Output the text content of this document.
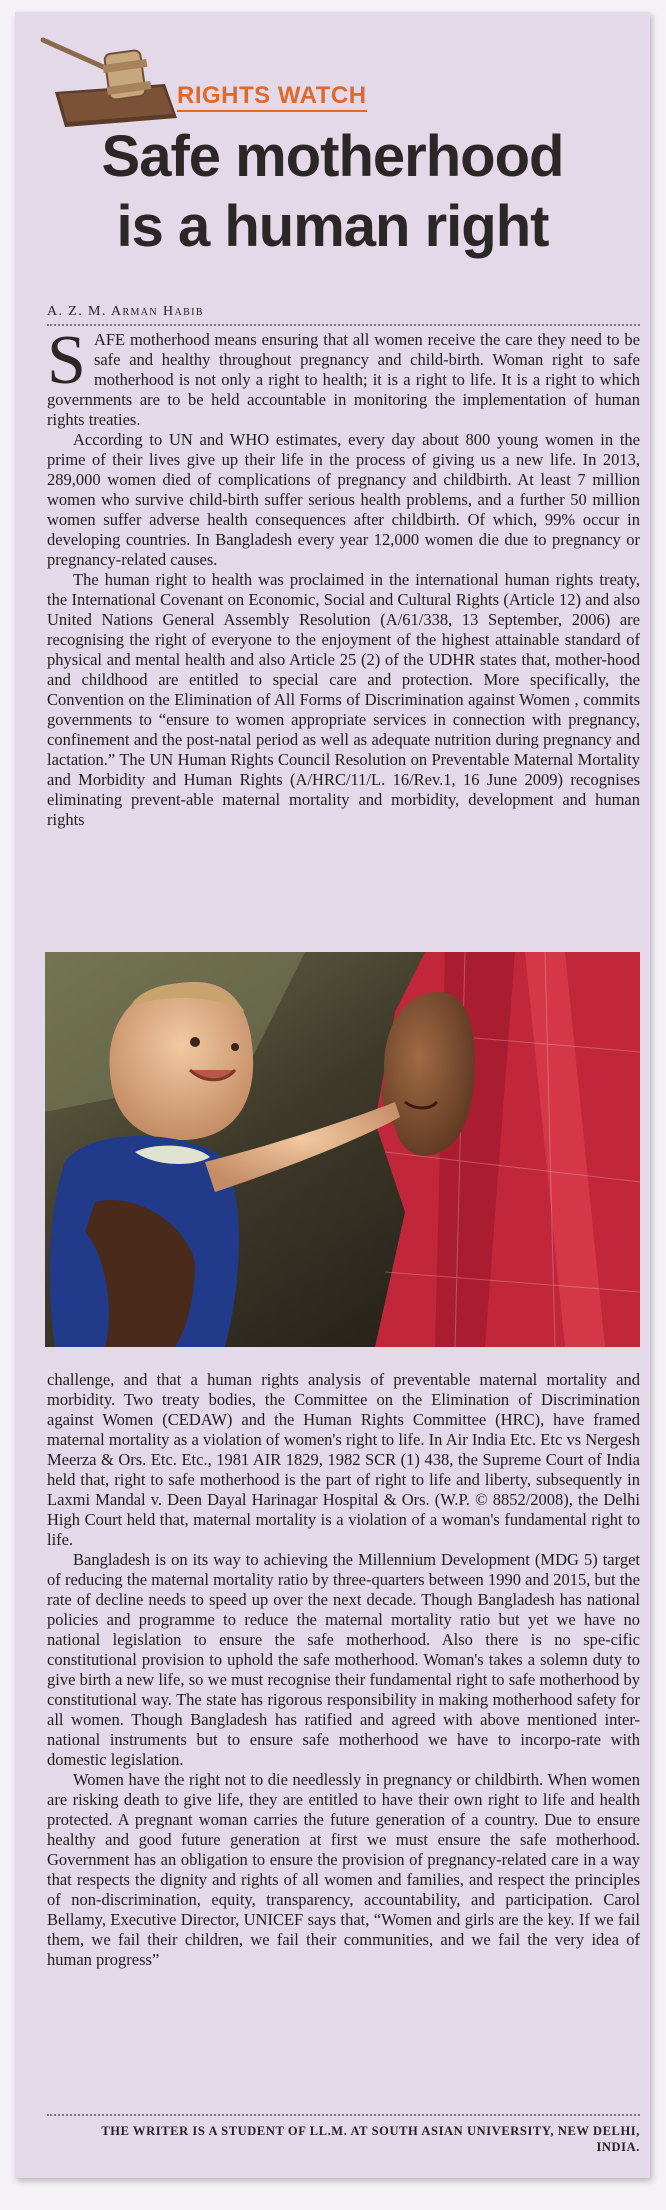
RIGHTS WATCH
Safe motherhood
is a human right
A. Z. M. Arman Habib

SAFE motherhood means ensuring that all women receive the care they need to be safe and healthy throughout pregnancy and child-birth. Woman right to safe motherhood is not only a right to health; it is a right to life. It is a right to which governments are to be held accountable in monitoring the implementation of human rights treaties.

According to UN and WHO estimates, every day about 800 young women in the prime of their lives give up their life in the process of giving us a new life. In 2013, 289,000 women died of complications of pregnancy and childbirth. At least 7 million women who survive child-birth suffer serious health problems, and a further 50 million women suffer adverse health consequences after childbirth. Of which, 99% occur in developing countries. In Bangladesh every year 12,000 women die due to pregnancy or pregnancy-related causes.

The human right to health was proclaimed in the international human rights treaty, the International Covenant on Economic, Social and Cultural Rights (Article 12) and also United Nations General Assembly Resolution (A/61/338, 13 September, 2006) are recognising the right of everyone to the enjoyment of the highest attainable standard of physical and mental health and also Article 25 (2) of the UDHR states that, mother-hood and childhood are entitled to special care and protection. More specifically, the Convention on the Elimination of All Forms of Discrimination against Women , commits governments to “ensure to women appropriate services in connection with pregnancy, confinement and the post-natal period as well as adequate nutrition during pregnancy and lactation.” The UN Human Rights Council Resolution on Preventable Maternal Mortality and Morbidity and Human Rights (A/HRC/11/L. 16/Rev.1, 16 June 2009) recognises eliminating prevent-able maternal mortality and morbidity, development and human rights

challenge, and that a human rights analysis of preventable maternal mortality and morbidity. Two treaty bodies, the Committee on the Elimination of Discrimination against Women (CEDAW) and the Human Rights Committee (HRC), have framed maternal mortality as a violation of women's right to life. In Air India Etc. Etc vs Nergesh Meerza & Ors. Etc. Etc., 1981 AIR 1829, 1982 SCR (1) 438, the Supreme Court of India held that, right to safe motherhood is the part of right to life and liberty, subsequently in Laxmi Mandal v. Deen Dayal Harinagar Hospital & Ors. (W.P. © 8852/2008), the Delhi High Court held that, maternal mortality is a violation of a woman's fundamental right to life.

Bangladesh is on its way to achieving the Millennium Development (MDG 5) target of reducing the maternal mortality ratio by three-quarters between 1990 and 2015, but the rate of decline needs to speed up over the next decade. Though Bangladesh has national policies and programme to reduce the maternal mortality ratio but yet we have no national legislation to ensure the safe motherhood. Also there is no spe-cific constitutional provision to uphold the safe motherhood. Woman's takes a solemn duty to give birth a new life, so we must recognise their fundamental right to safe motherhood by constitutional way. The state has rigorous responsibility in making motherhood safety for all women. Though Bangladesh has ratified and agreed with above mentioned inter-national instruments but to ensure safe motherhood we have to incorpo-rate with domestic legislation.

Women have the right not to die needlessly in pregnancy or childbirth. When women are risking death to give life, they are entitled to have their own right to life and health protected. A pregnant woman carries the future generation of a country. Due to ensure healthy and good future generation at first we must ensure the safe motherhood. Government has an obligation to ensure the provision of pregnancy-related care in a way that respects the dignity and rights of all women and families, and respect the principles of non-discrimination, equity, transparency, accountability, and participation. Carol Bellamy, Executive Director, UNICEF says that, “Women and girls are the key. If we fail them, we fail their children, we fail their communities, and we fail the very idea of human progress”

THE WRITER IS A STUDENT OF LL.M. AT SOUTH ASIAN UNIVERSITY, NEW DELHI,
INDIA.
